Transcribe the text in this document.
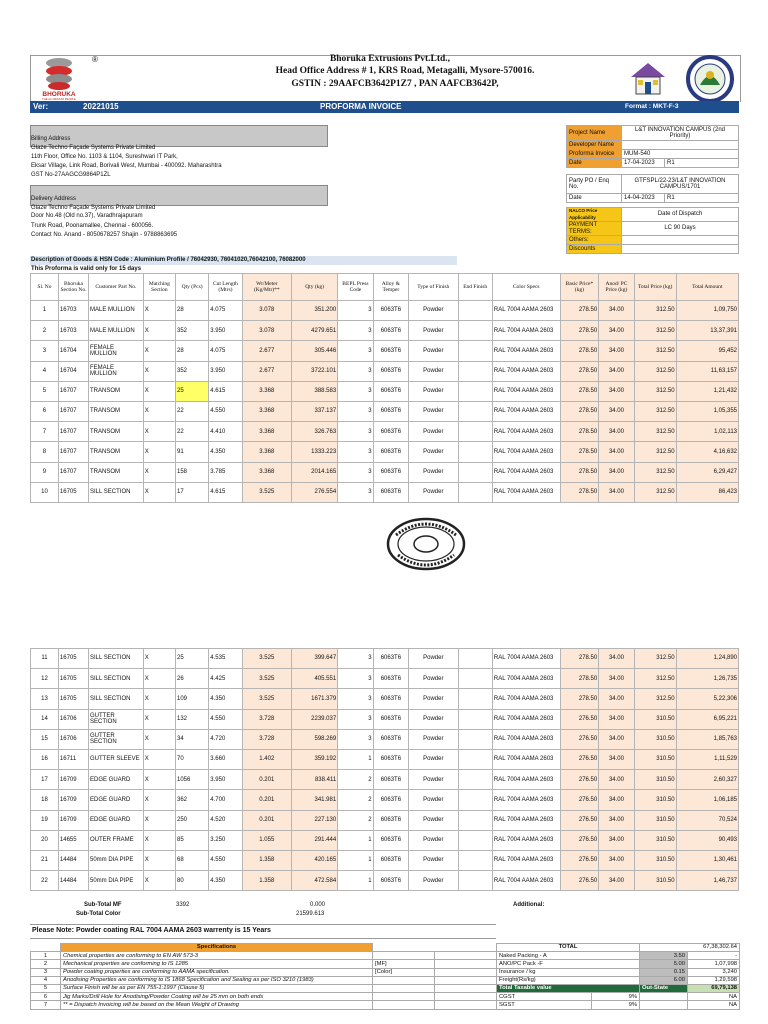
BHORUKA
THE ALUMINIUM PEOPLE
®	Bhoruka Extrusions Pvt.Ltd.,
Head Office Address # 1, KRS Road, Metagalli, Mysore-570016.
GSTIN : 29AAFCB3642P1Z7 , PAN AAFCB3642P,
Ver:	20221015	PROFORMA INVOICE	Format : MKT-F-3
Billing Address
Glaze Techno Façade Systems Private Limited
11th Floor, Office No. 1103 & 1104, Sureshwari IT Park,
Eksar Village, Link Road, Borivali West, Mumbai - 400092. Maharashtra
GST No-27AAGCG9864P1ZL
Delivery Address
Glaze Techno Façade Systems Private Limited
Door No.48 (Old no.37), Varadhrajapuram
Trunk Road, Poonamallee, Chennai - 600056.
Contact No. Anand - 8050678257 Shajin - 9788863695
Project Name	L&T INNOVATION CAMPUS (2nd Priority)	
Developer Name		
Proforma Invoice	MUM-540	
Date	17-04-2023	R1

Party PO / Enq No.	GTFSPL/22-23/L&T INNOVATION CAMPUS/1701	
Date	14-04-2023	R1

NALCO Price Applicability	Date of Dispatch	
PAYMENT TERMS:	LC 90 Days	
Others:		
Discounts		
Description of Goods & HSN Code : Aluminium Profile / 76042930, 76041020,76042100, 76082000
This Proforma is valid only for 15 days
Sl. No	Bhoruka Section No.	Customer Part No.	Matching Section	Qty (Pcs)	Cut Length (Mtrs)	Wt/Meter (Kg/Mtr)**	Qty (kg)	BEPL Press Code	Alloy & Temper	Type of Finish	End Finish	Color Specs	Basic Price* (kg)	Anod/ PC Price (kg)	Total Price (kg)	Total Amount
1	16703	MALE MULLION	X	28	4.075	3.078	351.200	3	6063T6	Powder		RAL 7004 AAMA 2603	278.50	34.00	312.50	1,09,750
2	16703	MALE MULLION	X	352	3.950	3.078	4279.651	3	6063T6	Powder		RAL 7004 AAMA 2603	278.50	34.00	312.50	13,37,391
3	16704	FEMALE MULLION	X	28	4.075	2.677	305.446	3	6063T6	Powder		RAL 7004 AAMA 2603	278.50	34.00	312.50	95,452
4	16704	FEMALE MULLION	X	352	3.950	2.677	3722.101	3	6063T6	Powder		RAL 7004 AAMA 2603	278.50	34.00	312.50	11,63,157
5	16707	TRANSOM	X	25	4.615	3.368	388.583	3	6063T6	Powder		RAL 7004 AAMA 2603	278.50	34.00	312.50	1,21,432
6	16707	TRANSOM	X	22	4.550	3.368	337.137	3	6063T6	Powder		RAL 7004 AAMA 2603	278.50	34.00	312.50	1,05,355
7	16707	TRANSOM	X	22	4.410	3.368	326.763	3	6063T6	Powder		RAL 7004 AAMA 2603	278.50	34.00	312.50	1,02,113
8	16707	TRANSOM	X	91	4.350	3.368	1333.223	3	6063T6	Powder		RAL 7004 AAMA 2603	278.50	34.00	312.50	4,16,632
9	16707	TRANSOM	X	158	3.785	3.368	2014.165	3	6063T6	Powder		RAL 7004 AAMA 2603	278.50	34.00	312.50	6,29,427
10	16705	SILL SECTION	X	17	4.615	3.525	276.554	3	6063T6	Powder		RAL 7004 AAMA 2603	278.50	34.00	312.50	86,423
11	16705	SILL SECTION	X	25	4.535	3.525	399.647	3	6063T6	Powder		RAL 7004 AAMA 2603	278.50	34.00	312.50	1,24,890
12	16705	SILL SECTION	X	26	4.425	3.525	405.551	3	6063T6	Powder		RAL 7004 AAMA 2603	278.50	34.00	312.50	1,26,735
13	16705	SILL SECTION	X	109	4.350	3.525	1671.379	3	6063T6	Powder		RAL 7004 AAMA 2603	278.50	34.00	312.50	5,22,306
14	16706	GUTTER SECTION	X	132	4.550	3.728	2239.037	3	6063T6	Powder		RAL 7004 AAMA 2603	276.50	34.00	310.50	6,95,221
15	16706	GUTTER SECTION	X	34	4.720	3.728	598.269	3	6063T6	Powder		RAL 7004 AAMA 2603	276.50	34.00	310.50	1,85,763
16	16711	GUTTER SLEEVE	X	70	3.660	1.402	359.192	1	6063T6	Powder		RAL 7004 AAMA 2603	276.50	34.00	310.50	1,11,529
17	16709	EDGE GUARD	X	1056	3.950	0.201	838.411	2	6063T6	Powder		RAL 7004 AAMA 2603	276.50	34.00	310.50	2,60,327
18	16709	EDGE GUARD	X	362	4.700	0.201	341.981	2	6063T6	Powder		RAL 7004 AAMA 2603	276.50	34.00	310.50	1,06,185
19	16709	EDGE GUARD	X	250	4.520	0.201	227.130	2	6063T6	Powder		RAL 7004 AAMA 2603	276.50	34.00	310.50	70,524
20	14655	OUTER FRAME	X	85	3.250	1.055	291.444	1	6063T6	Powder		RAL 7004 AAMA 2603	276.50	34.00	310.50	90,493
21	14484	50mm DIA PIPE	X	68	4.550	1.358	420.165	1	6063T6	Powder		RAL 7004 AAMA 2603	276.50	34.00	310.50	1,30,461
22	14484	50mm DIA PIPE	X	80	4.350	1.358	472.584	1	6063T6	Powder		RAL 7004 AAMA 2603	276.50	34.00	310.50	1,46,737
Sub-Total MF	3392	0.000
Sub-Total Color	21599.613
Additional:
Please Note: Powder coating RAL 7004 AAMA 2603 warrenty is 15 Years
	Specifications		
1	Chemical properties are conforming to EN AW 573-3		
2	Mechanical properties are conforming to IS 1285	[MF]	
3	Powder coating properties are conforming to AAMA specification.	[Color]	
4	Anodising Properties are conforming to IS 1868 Specification and Sealing as per ISO 3210 (1983)		
5	Surface Finish will be as per EN 755-1:1997 (Clause 5)		
6	Jig Marks/Drill Hole for Anodising/Powder Coating will be 25 mm on both ends		
7	** = Dispatch Invoicing will be based on the Mean Weight of Drawing		
TOTAL		67,38,302.64	
Naked Packing - A		3.50	-
ANO/PC Pack -F		5.00	1,07,998
Insurance / kg		0.15	3,240
Freight(Rs/kg)		6.00	1,29,598
Total Taxable value		Out-State	69,79,138
CGST	9%		NA
SGST	9%		NA
